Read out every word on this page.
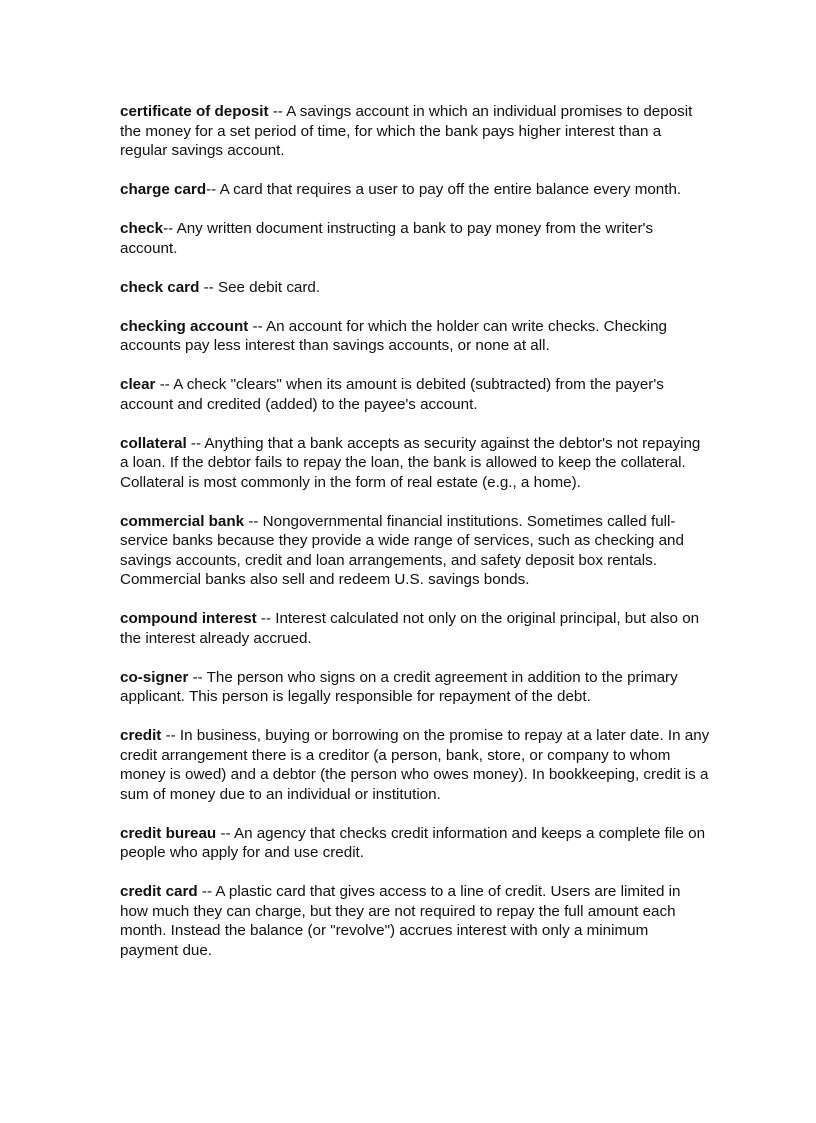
certificate of deposit -- A savings account in which an individual promises to deposit the money for a set period of time, for which the bank pays higher interest than a regular savings account.

charge card-- A card that requires a user to pay off the entire balance every month.

check-- Any written document instructing a bank to pay money from the writer's account.

check card -- See debit card.

checking account -- An account for which the holder can write checks. Checking accounts pay less interest than savings accounts, or none at all.

clear -- A check "clears" when its amount is debited (subtracted) from the payer's account and credited (added) to the payee's account.

collateral -- Anything that a bank accepts as security against the debtor's not repaying a loan. If the debtor fails to repay the loan, the bank is allowed to keep the collateral. Collateral is most commonly in the form of real estate (e.g., a home).

commercial bank -- Nongovernmental financial institutions. Sometimes called full-service banks because they provide a wide range of services, such as checking and savings accounts, credit and loan arrangements, and safety deposit box rentals. Commercial banks also sell and redeem U.S. savings bonds.

compound interest -- Interest calculated not only on the original principal, but also on the interest already accrued.

co-signer -- The person who signs on a credit agreement in addition to the primary applicant. This person is legally responsible for repayment of the debt.

credit -- In business, buying or borrowing on the promise to repay at a later date. In any credit arrangement there is a creditor (a person, bank, store, or company to whom money is owed) and a debtor (the person who owes money). In bookkeeping, credit is a sum of money due to an individual or institution.

credit bureau -- An agency that checks credit information and keeps a complete file on people who apply for and use credit.

credit card -- A plastic card that gives access to a line of credit. Users are limited in how much they can charge, but they are not required to repay the full amount each month. Instead the balance (or "revolve") accrues interest with only a minimum payment due.
